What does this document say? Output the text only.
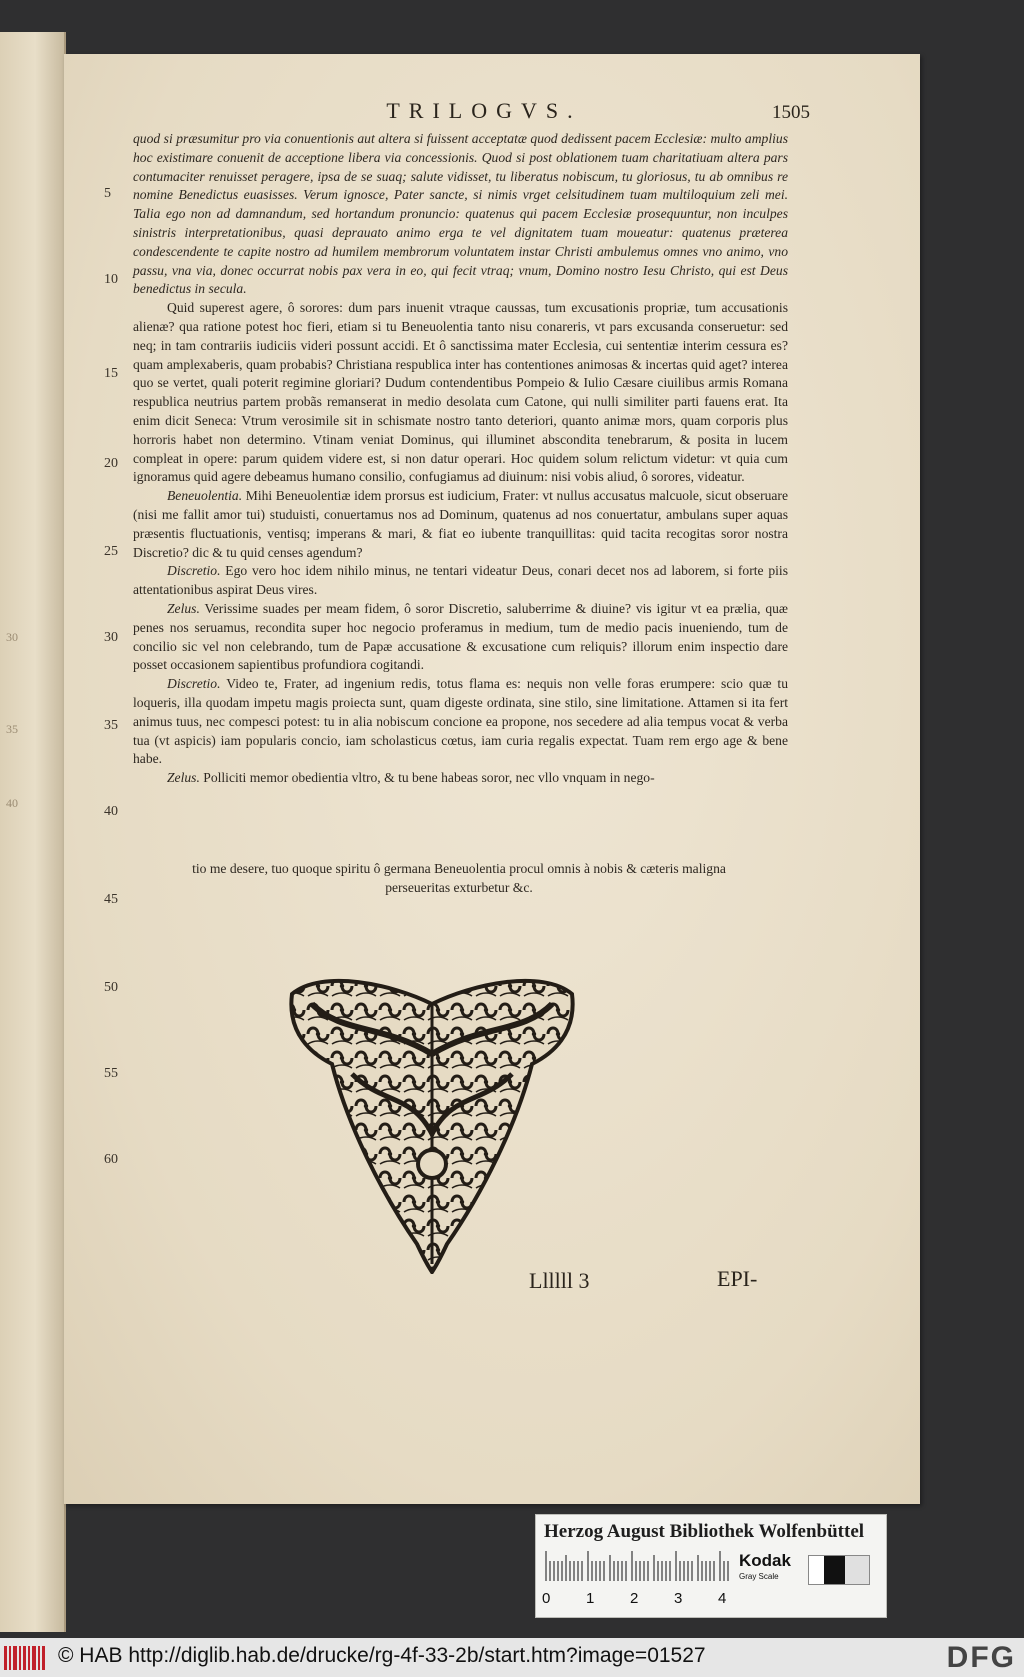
30
35
40
TRILOGVS.	1505
5
10
15
20
25
30
35
40
45
50
55
60

quod si præsumitur pro via conuentionis aut altera si fuissent acceptatæ quod dedissent pacem Ecclesiæ: multo amplius hoc existimare conuenit de acceptione libera via concessionis. Quod si post oblationem tuam charitatiuam altera pars contumaciter renuisset peragere, ipsa de se suaq; salute vidisset, tu liberatus nobiscum, tu gloriosus, tu ab omnibus re nomine Benedictus euasisses. Verum ignosce, Pater sancte, si nimis vrget celsitudinem tuam multiloquium zeli mei. Talia ego non ad damnandum, sed hortandum pronuncio: quatenus qui pacem Ecclesiæ prosequuntur, non inculpes sinistris interpretationibus, quasi deprauato animo erga te vel dignitatem tuam moueatur: quatenus præterea condescendente te capite nostro ad humilem membrorum voluntatem instar Christi ambulemus omnes vno animo, vno passu, vna via, donec occurrat nobis pax vera in eo, qui fecit vtraq; vnum, Domino nostro Iesu Christo, qui est Deus benedictus in secula.

Quid superest agere, ô sorores: dum pars inuenit vtraque caussas, tum excusationis propriæ, tum accusationis alienæ? qua ratione potest hoc fieri, etiam si tu Beneuolentia tanto nisu conareris, vt pars excusanda conseruetur: sed neq; in tam contrariis iudiciis videri possunt accidi. Et ô sanctissima mater Ecclesia, cui sententiæ interim cessura es? quam amplexaberis, quam probabis? Christiana respublica inter has contentiones animosas & incertas quid aget? interea quo se vertet, quali poterit regimine gloriari? Dudum contendentibus Pompeio & Iulio Cæsare ciuilibus armis Romana respublica neutrius partem probãs remanserat in medio desolata cum Catone, qui nulli similiter parti fauens erat. Ita enim dicit Seneca: Vtrum verosimile sit in schismate nostro tanto deteriori, quanto animæ mors, quam corporis plus horroris habet non determino. Vtinam veniat Dominus, qui illuminet abscondita tenebrarum, & posita in lucem compleat in opere: parum quidem videre est, si non datur operari. Hoc quidem solum relictum videtur: vt quia cum ignoramus quid agere debeamus humano consilio, confugiamus ad diuinum: nisi vobis aliud, ô sorores, videatur.

Beneuolentia. Mihi Beneuolentiæ idem prorsus est iudicium, Frater: vt nullus accusatus malcuole, sicut obseruare (nisi me fallit amor tui) studuisti, conuertamus nos ad Dominum, quatenus ad nos conuertatur, ambulans super aquas præsentis fluctuationis, ventisq; imperans & mari, & fiat eo iubente tranquillitas: quid tacita recogitas soror nostra Discretio? dic & tu quid censes agendum?

Discretio. Ego vero hoc idem nihilo minus, ne tentari videatur Deus, conari decet nos ad laborem, si forte piis attentationibus aspirat Deus vires.

Zelus. Verissime suades per meam fidem, ô soror Discretio, saluberrime & diuine? vis igitur vt ea prælia, quæ penes nos seruamus, recondita super hoc negocio proferamus in medium, tum de medio pacis inueniendo, tum de concilio sic vel non celebrando, tum de Papæ accusatione & excusatione cum reliquis? illorum enim inspectio dare posset occasionem sapientibus profundiora cogitandi.

Discretio. Video te, Frater, ad ingenium redis, totus flama es: nequis non velle foras erumpere: scio quæ tu loqueris, illa quodam impetu magis proiecta sunt, quam digeste ordinata, sine stilo, sine limitatione. Attamen si ita fert animus tuus, nec compesci potest: tu in alia nobiscum concione ea propone, nos secedere ad alia tempus vocat & verba tua (vt aspicis) iam popularis concio, iam scholasticus cœtus, iam curia regalis expectat. Tuam rem ergo age & bene habe.

Zelus. Polliciti memor obedientia vltro, & tu bene habeas soror, nec vllo vnquam in nego-

tio me desere, tuo quoque spiritu ô germana Beneuolentia procul omnis à nobis & cæteris maligna perseueritas exturbetur &c.
Llllll 3	EPI-
Herzog August Bibliothek Wolfenbüttel
0 1 2 3 4
Kodak
Gray Scale
© HAB http://diglib.hab.de/drucke/rg-4f-33-2b/start.htm?image=01527	DFG
